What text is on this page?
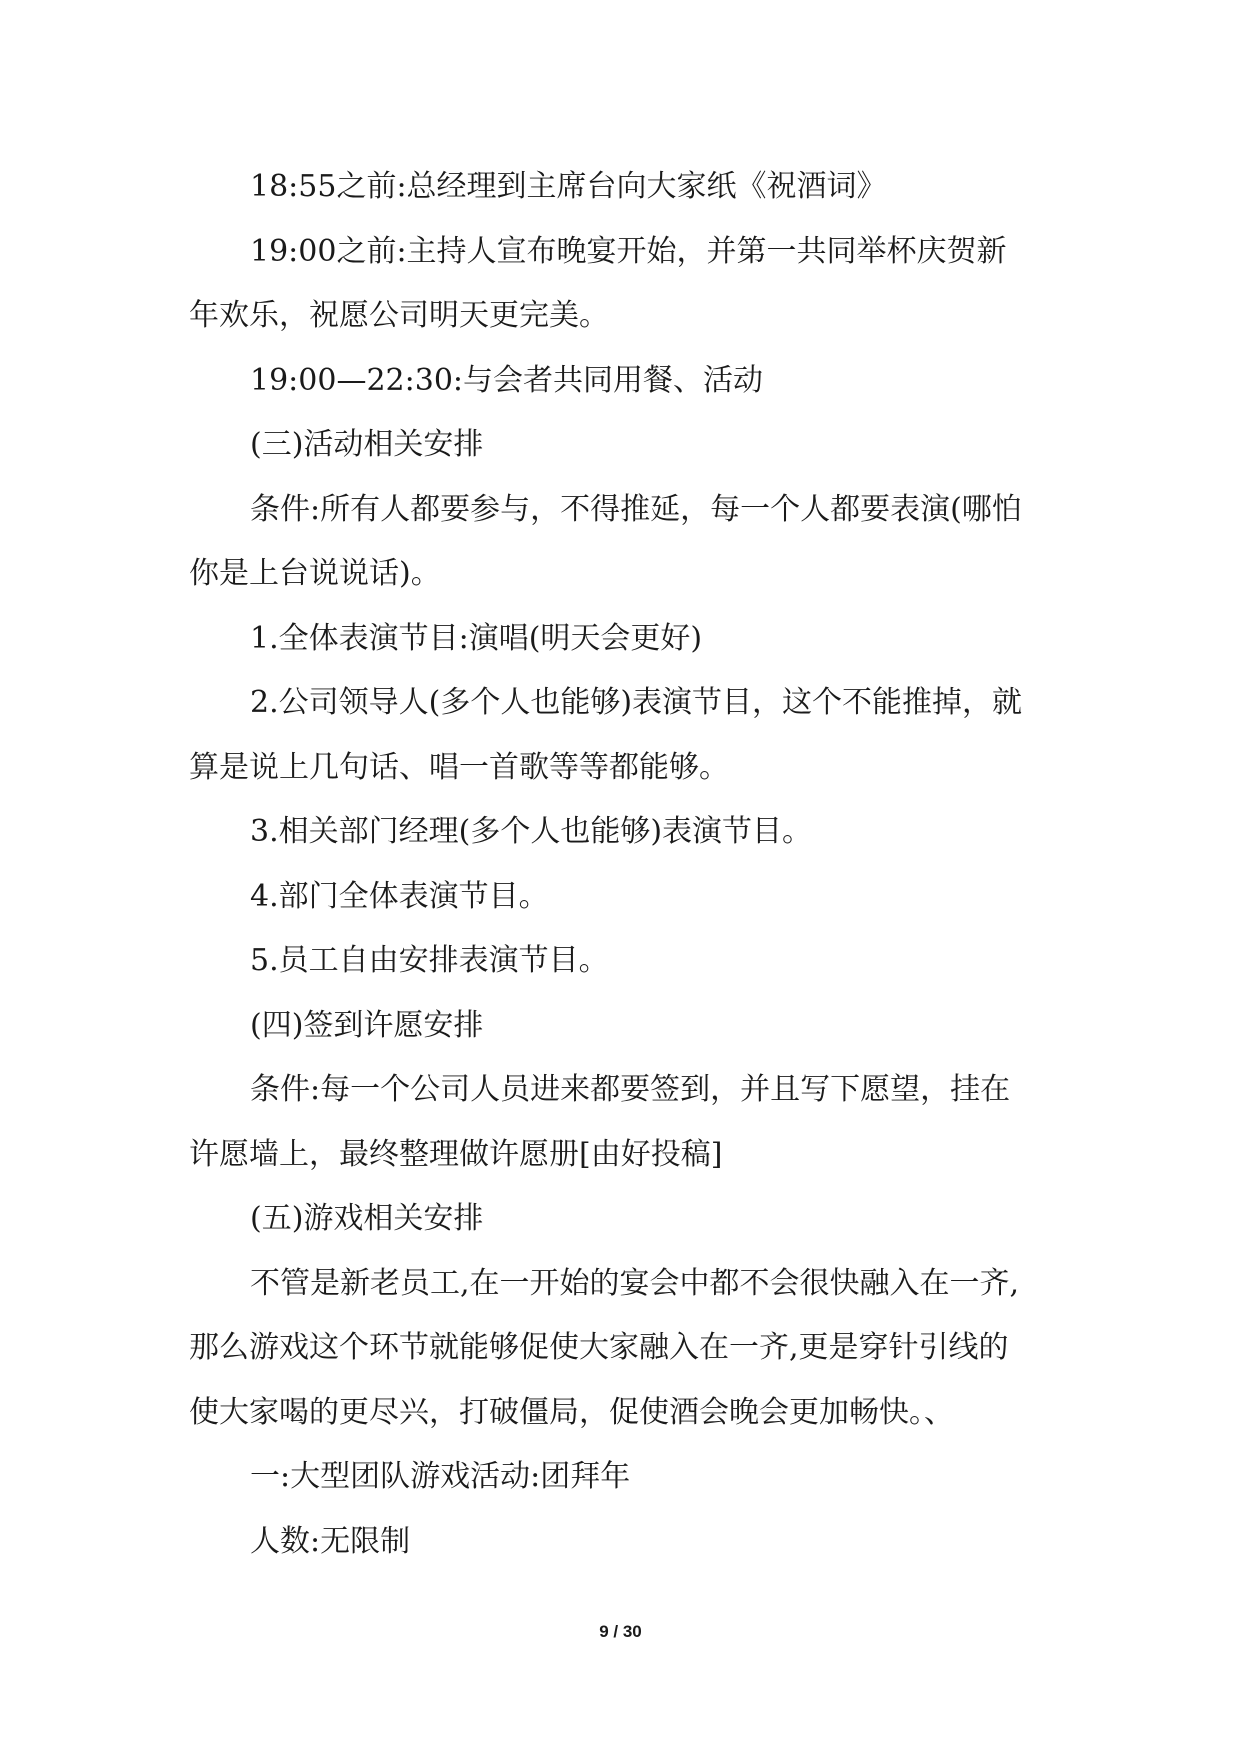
18:55之前:总经理到主席台向大家纸《祝酒词》

19:00之前:主持人宣布晚宴开始，并第一共同举杯庆贺新
年欢乐，祝愿公司明天更完美。

19:00—22:30:与会者共同用餐、活动

(三)活动相关安排

条件:所有人都要参与，不得推延，每一个人都要表演(哪怕
你是上台说说话)。

1.全体表演节目:演唱(明天会更好)

2.公司领导人(多个人也能够)表演节目，这个不能推掉，就
算是说上几句话、唱一首歌等等都能够。

3.相关部门经理(多个人也能够)表演节目。

4.部门全体表演节目。

5.员工自由安排表演节目。

(四)签到许愿安排

条件:每一个公司人员进来都要签到，并且写下愿望，挂在
许愿墙上，最终整理做许愿册[由好投稿]

(五)游戏相关安排

不管是新老员工,在一开始的宴会中都不会很快融入在一齐,
那么游戏这个环节就能够促使大家融入在一齐,更是穿针引线的
使大家喝的更尽兴，打破僵局，促使酒会晚会更加畅快。、

一:大型团队游戏活动:团拜年

人数:无限制

9 / 30
